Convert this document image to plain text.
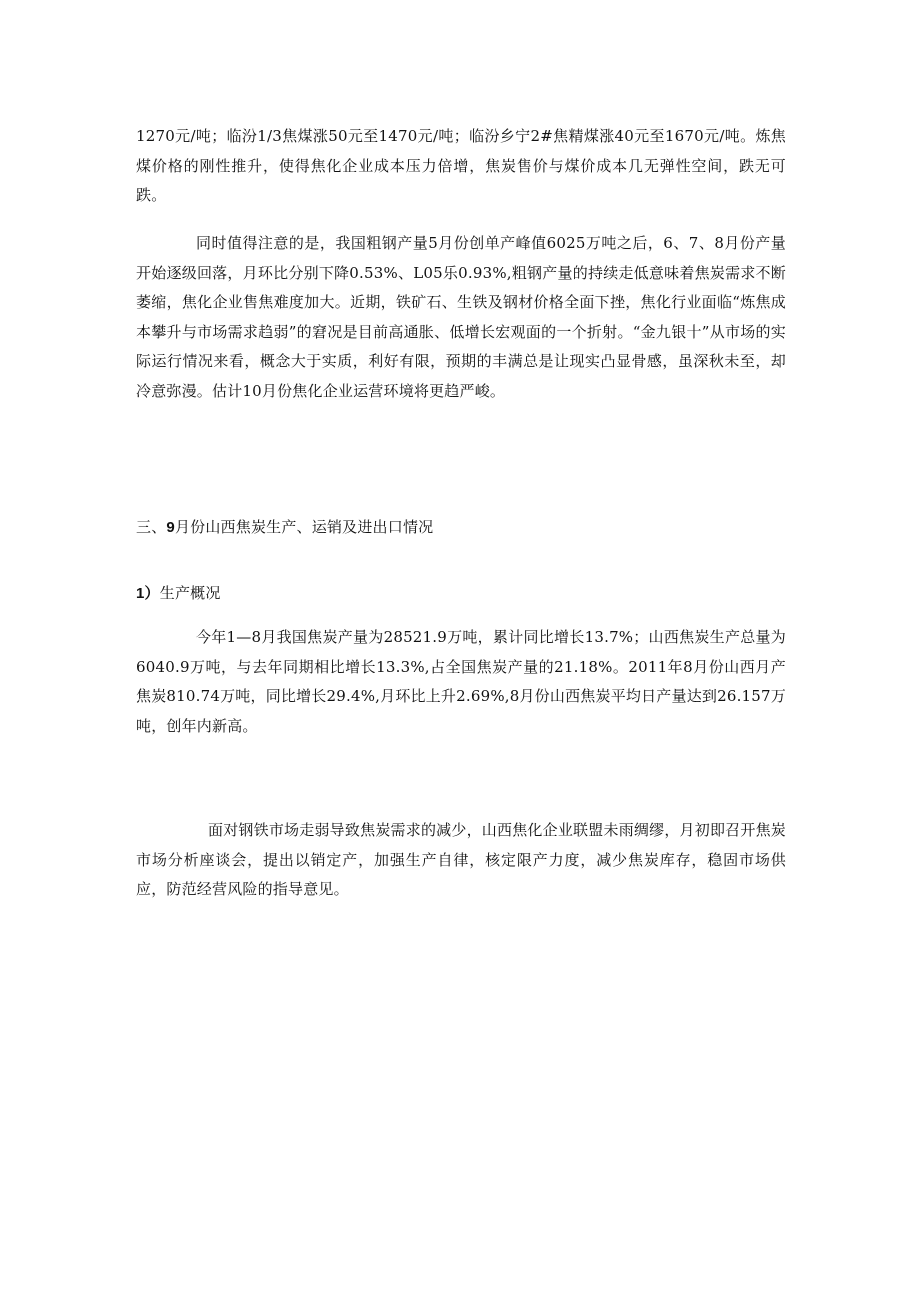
1270元/吨；临汾1/3焦煤涨50元至1470元/吨；临汾乡宁2#焦精煤涨40元至1670元/吨。炼焦煤价格的刚性推升，使得焦化企业成本压力倍增，焦炭售价与煤价成本几无弹性空间，跌无可跌。

同时值得注意的是，我国粗钢产量5月份创单产峰值6025万吨之后，6、7、8月份产量开始逐级回落，月环比分别下降0.53%、L05乐0.93%,粗钢产量的持续走低意味着焦炭需求不断萎缩，焦化企业售焦难度加大。近期，铁矿石、生铁及钢材价格全面下挫，焦化行业面临“炼焦成本攀升与市场需求趋弱”的窘况是目前高通胀、低增长宏观面的一个折射。“金九银十”从市场的实际运行情况来看，概念大于实质，利好有限，预期的丰满总是让现实凸显骨感，虽深秋未至，却冷意弥漫。估计10月份焦化企业运营环境将更趋严峻。

三、9月份山西焦炭生产、运销及进出口情况

1）生产概况

今年1—8月我国焦炭产量为28521.9万吨，累计同比增长13.7%；山西焦炭生产总量为6040.9万吨，与去年同期相比增长13.3%,占全国焦炭产量的21.18%。2011年8月份山西月产焦炭810.74万吨，同比增长29.4%,月环比上升2.69%,8月份山西焦炭平均日产量达到26.157万吨，创年内新高。

面对钢铁市场走弱导致焦炭需求的减少，山西焦化企业联盟未雨绸缪，月初即召开焦炭市场分析座谈会，提出以销定产，加强生产自律，核定限产力度，减少焦炭库存，稳固市场供应，防范经营风险的指导意见。
